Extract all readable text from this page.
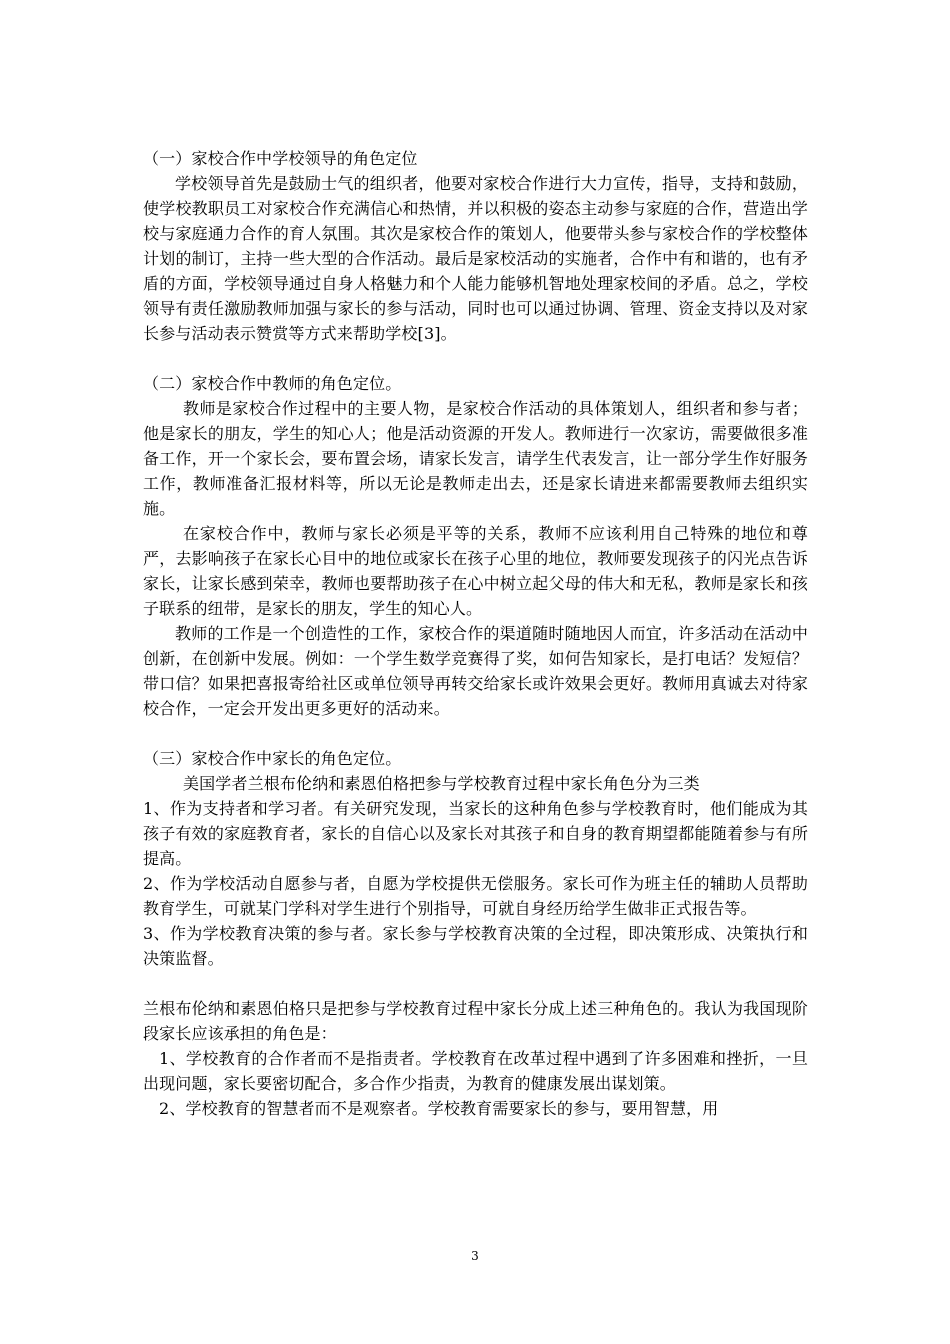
（一）家校合作中学校领导的角色定位

学校领导首先是鼓励士气的组织者，他要对家校合作进行大力宣传，指导，支持和鼓励，使学校教职员工对家校合作充满信心和热情，并以积极的姿态主动参与家庭的合作，营造出学校与家庭通力合作的育人氛围。其次是家校合作的策划人，他要带头参与家校合作的学校整体计划的制订，主持一些大型的合作活动。最后是家校活动的实施者，合作中有和谐的，也有矛盾的方面，学校领导通过自身人格魅力和个人能力能够机智地处理家校间的矛盾。总之，学校领导有责任激励教师加强与家长的参与活动，同时也可以通过协调、管理、资金支持以及对家长参与活动表示赞赏等方式来帮助学校[3]。

（二）家校合作中教师的角色定位。

教师是家校合作过程中的主要人物，是家校合作活动的具体策划人，组织者和参与者；他是家长的朋友，学生的知心人；他是活动资源的开发人。教师进行一次家访，需要做很多准备工作，开一个家长会，要布置会场，请家长发言，请学生代表发言，让一部分学生作好服务工作，教师准备汇报材料等，所以无论是教师走出去，还是家长请进来都需要教师去组织实施。

在家校合作中，教师与家长必须是平等的关系，教师不应该利用自己特殊的地位和尊严，去影响孩子在家长心目中的地位或家长在孩子心里的地位，教师要发现孩子的闪光点告诉家长，让家长感到荣幸，教师也要帮助孩子在心中树立起父母的伟大和无私，教师是家长和孩子联系的纽带，是家长的朋友，学生的知心人。

教师的工作是一个创造性的工作，家校合作的渠道随时随地因人而宜，许多活动在活动中创新，在创新中发展。例如：一个学生数学竞赛得了奖，如何告知家长，是打电话？发短信？带口信？如果把喜报寄给社区或单位领导再转交给家长或许效果会更好。教师用真诚去对待家校合作，一定会开发出更多更好的活动来。

（三）家校合作中家长的角色定位。

美国学者兰根布伦纳和素恩伯格把参与学校教育过程中家长角色分为三类

1、作为支持者和学习者。有关研究发现，当家长的这种角色参与学校教育时，他们能成为其孩子有效的家庭教育者，家长的自信心以及家长对其孩子和自身的教育期望都能随着参与有所提高。

2、作为学校活动自愿参与者，自愿为学校提供无偿服务。家长可作为班主任的辅助人员帮助教育学生，可就某门学科对学生进行个别指导，可就自身经历给学生做非正式报告等。

3、作为学校教育决策的参与者。家长参与学校教育决策的全过程，即决策形成、决策执行和决策监督。

兰根布伦纳和素恩伯格只是把参与学校教育过程中家长分成上述三种角色的。我认为我国现阶段家长应该承担的角色是：

1、学校教育的合作者而不是指责者。学校教育在改革过程中遇到了许多困难和挫折，一旦出现问题，家长要密切配合，多合作少指责，为教育的健康发展出谋划策。

2、学校教育的智慧者而不是观察者。学校教育需要家长的参与，要用智慧，用

3
